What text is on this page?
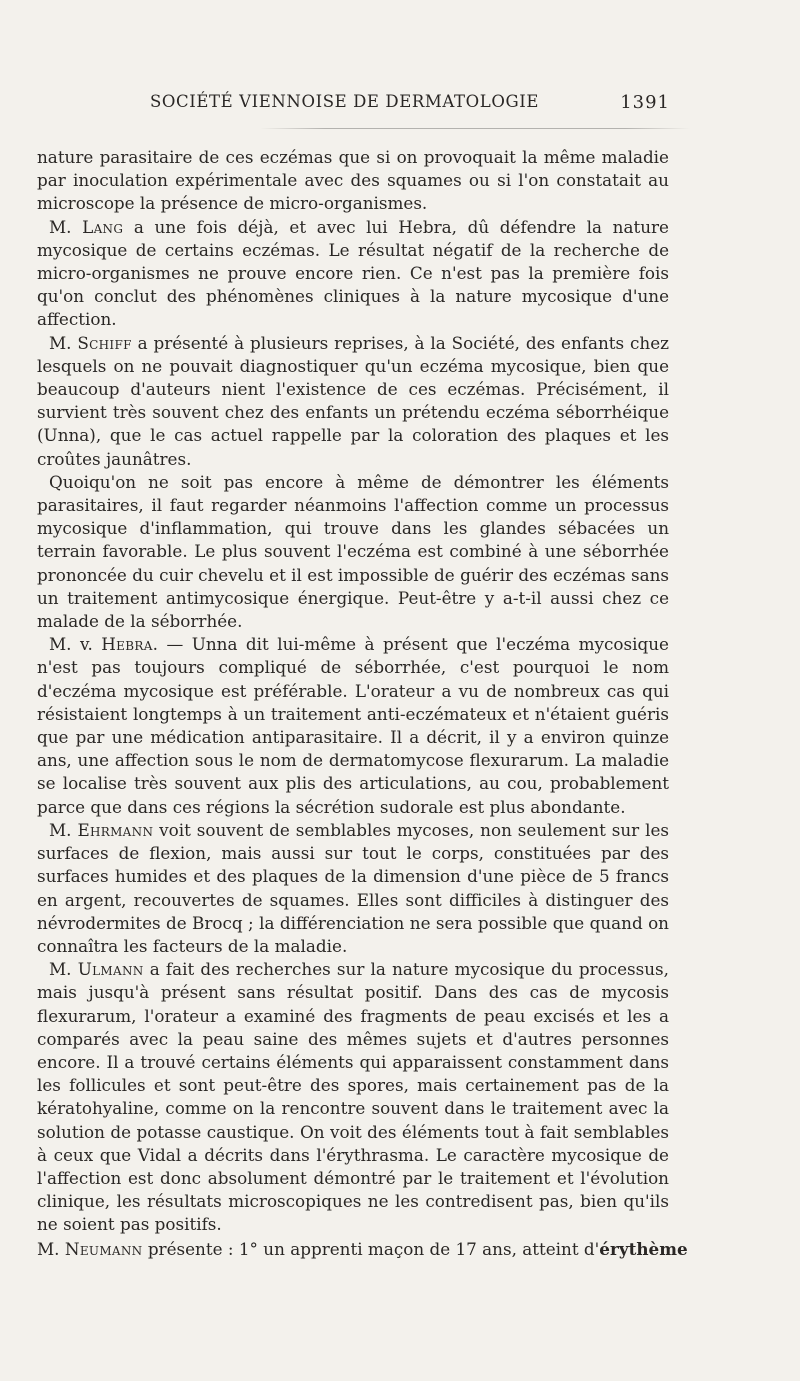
SOCIÉTÉ VIENNOISE DE DERMATOLOGIE	1391

nature parasitaire de ces eczémas que si on provoquait la même maladie par inoculation expérimentale avec des squames ou si l'on constatait au microscope la présence de micro-organismes.

M. Lang a une fois déjà, et avec lui Hebra, dû défendre la nature mycosique de certains eczémas. Le résultat négatif de la recherche de micro-organismes ne prouve encore rien. Ce n'est pas la première fois qu'on conclut des phénomènes cliniques à la nature mycosique d'une affection.

M. Schiff a présenté à plusieurs reprises, à la Société, des enfants chez lesquels on ne pouvait diagnostiquer qu'un eczéma mycosique, bien que beaucoup d'auteurs nient l'existence de ces eczémas. Précisément, il survient très souvent chez des enfants un prétendu eczéma séborrhéique (Unna), que le cas actuel rappelle par la coloration des plaques et les croûtes jaunâtres.

Quoiqu'on ne soit pas encore à même de démontrer les éléments parasitaires, il faut regarder néanmoins l'affection comme un processus mycosique d'inflammation, qui trouve dans les glandes sébacées un terrain favorable. Le plus souvent l'eczéma est combiné à une séborrhée prononcée du cuir chevelu et il est impossible de guérir des eczémas sans un traitement antimycosique énergique. Peut-être y a-t-il aussi chez ce malade de la séborrhée.

M. v. Hebra. — Unna dit lui-même à présent que l'eczéma mycosique n'est pas toujours compliqué de séborrhée, c'est pourquoi le nom d'eczéma mycosique est préférable. L'orateur a vu de nombreux cas qui résistaient longtemps à un traitement anti-eczémateux et n'étaient guéris que par une médication antiparasitaire. Il a décrit, il y a environ quinze ans, une affection sous le nom de dermatomycose flexurarum. La maladie se localise très souvent aux plis des articulations, au cou, probablement parce que dans ces régions la sécrétion sudorale est plus abondante.

M. Ehrmann voit souvent de semblables mycoses, non seulement sur les surfaces de flexion, mais aussi sur tout le corps, constituées par des surfaces humides et des plaques de la dimension d'une pièce de 5 francs en argent, recouvertes de squames. Elles sont difficiles à distinguer des névrodermites de Brocq ; la différenciation ne sera possible que quand on connaîtra les facteurs de la maladie.

M. Ulmann a fait des recherches sur la nature mycosique du processus, mais jusqu'à présent sans résultat positif. Dans des cas de mycosis flexurarum, l'orateur a examiné des fragments de peau excisés et les a comparés avec la peau saine des mêmes sujets et d'autres personnes encore. Il a trouvé certains éléments qui apparaissent constamment dans les follicules et sont peut-être des spores, mais certainement pas de la kératohyaline, comme on la rencontre souvent dans le traitement avec la solution de potasse caustique. On voit des éléments tout à fait semblables à ceux que Vidal a décrits dans l'érythrasma. Le caractère mycosique de l'affection est donc absolument démontré par le traitement et l'évolution clinique, les résultats microscopiques ne les contredisent pas, bien qu'ils ne soient pas positifs.

M. Neumann présente : 1° un apprenti maçon de 17 ans, atteint d'érythème
